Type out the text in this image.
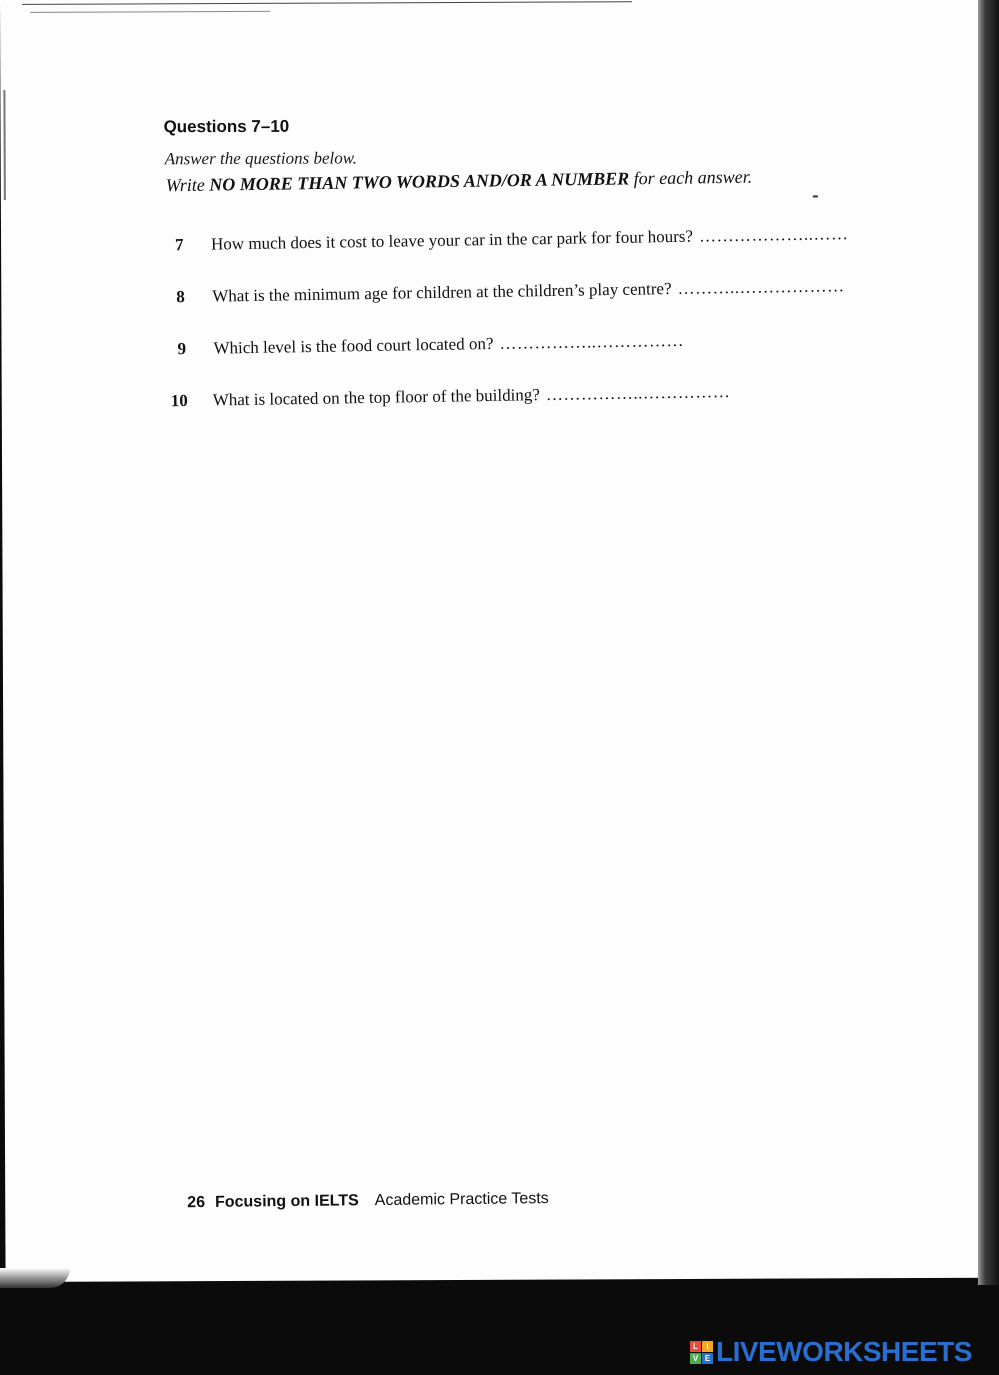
Questions 7–10
Answer the questions below.
Write NO MORE THAN TWO WORDS AND/OR A NUMBER for each answer.
7 How much does it cost to leave your car in the car park for four hours? ………………..……
8 What is the minimum age for children at the children’s play centre? ………..………………
9 Which level is the food court located on? ……………..……………
10 What is located on the top floor of the building? ……………..……………
26 Focusing on IELTS Academic Practice Tests
L	I
V E LIVEWORKSHEETS
